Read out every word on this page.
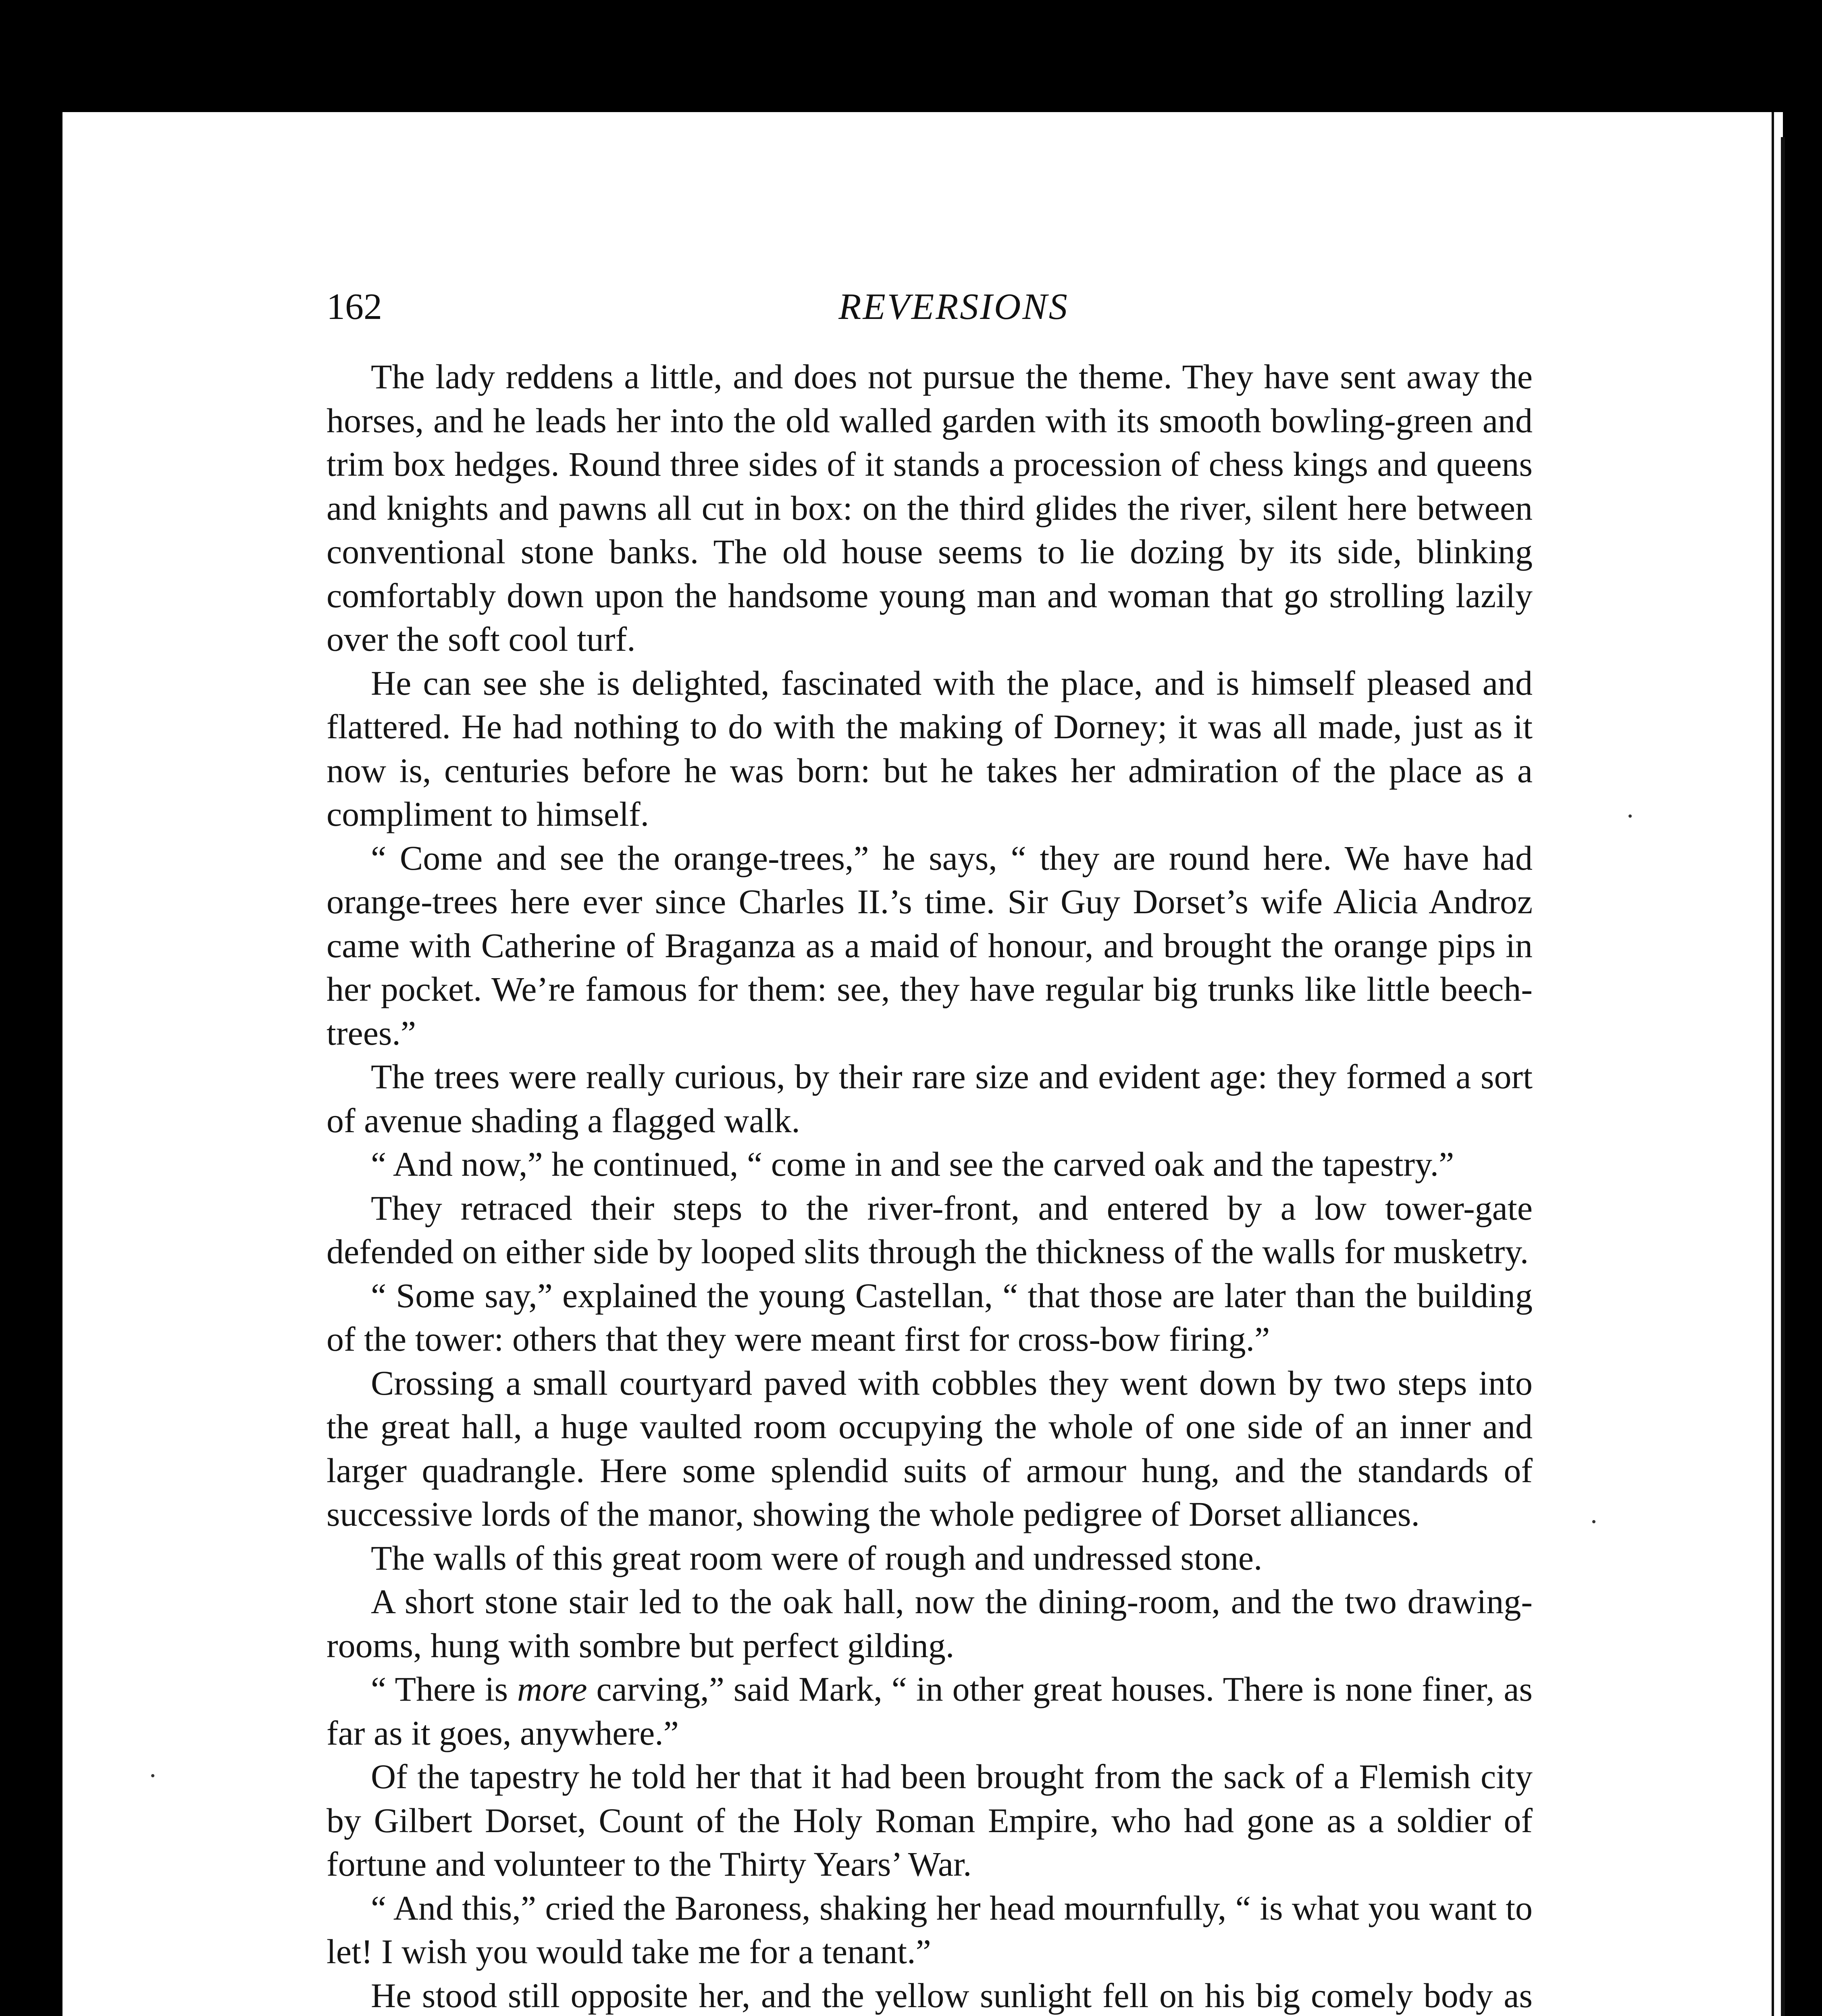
162	REVERSIONS

The lady reddens a little, and does not pursue the theme. They have sent away the horses, and he leads her into the old walled garden with its smooth bowling-green and trim box hedges. Round three sides of it stands a procession of chess kings and queens and knights and pawns all cut in box: on the third glides the river, silent here between conventional stone banks. The old house seems to lie dozing by its side, blinking comfortably down upon the handsome young man and woman that go strolling lazily over the soft cool turf.

He can see she is delighted, fascinated with the place, and is himself pleased and flattered. He had nothing to do with the making of Dorney; it was all made, just as it now is, centuries before he was born: but he takes her admiration of the place as a compliment to himself.

“ Come and see the orange-trees,” he says, “ they are round here. We have had orange-trees here ever since Charles II.’s time. Sir Guy Dorset’s wife Alicia Androz came with Catherine of Braganza as a maid of honour, and brought the orange pips in her pocket. We’re famous for them: see, they have regular big trunks like little beech-trees.”

The trees were really curious, by their rare size and evident age: they formed a sort of avenue shading a flagged walk.

“ And now,” he continued, “ come in and see the carved oak and the tapestry.”

They retraced their steps to the river-front, and entered by a low tower-gate defended on either side by looped slits through the thickness of the walls for musketry.

“ Some say,” explained the young Castellan, “ that those are later than the building of the tower: others that they were meant first for cross-bow firing.”

Crossing a small courtyard paved with cobbles they went down by two steps into the great hall, a huge vaulted room occupying the whole of one side of an inner and larger quadrangle. Here some splendid suits of armour hung, and the standards of successive lords of the manor, showing the whole pedigree of Dorset alliances.

The walls of this great room were of rough and undressed stone.

A short stone stair led to the oak hall, now the dining-room, and the two drawing-rooms, hung with sombre but perfect gilding.

“ There is more carving,” said Mark, “ in other great houses. There is none finer, as far as it goes, anywhere.”

Of the tapestry he told her that it had been brought from the sack of a Flemish city by Gilbert Dorset, Count of the Holy Roman Empire, who had gone as a soldier of fortune and volunteer to the Thirty Years’ War.

“ And this,” cried the Baroness, shaking her head mournfully, “ is what you want to let! I wish you would take me for a tenant.”

He stood still opposite her, and the yellow sunlight fell on his big comely body as
